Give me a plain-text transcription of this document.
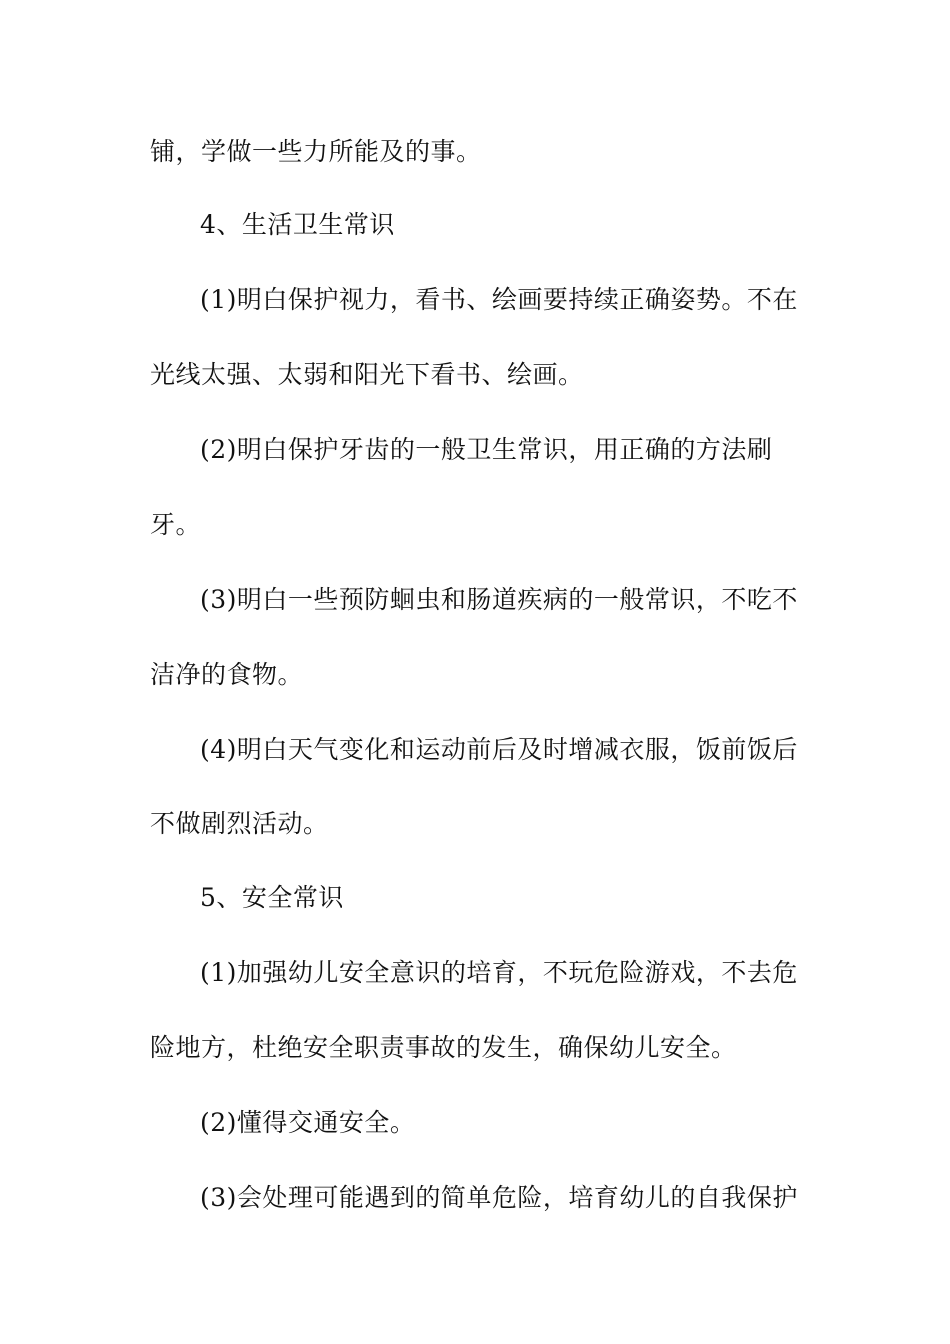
铺，学做一些力所能及的事。
4、生活卫生常识
(1)明白保护视力，看书、绘画要持续正确姿势。不在
光线太强、太弱和阳光下看书、绘画。
(2)明白保护牙齿的一般卫生常识，用正确的方法刷
牙。
(3)明白一些预防蛔虫和肠道疾病的一般常识，不吃不
洁净的食物。
(4)明白天气变化和运动前后及时增减衣服，饭前饭后
不做剧烈活动。
5、安全常识
(1)加强幼儿安全意识的培育，不玩危险游戏，不去危
险地方，杜绝安全职责事故的发生，确保幼儿安全。
(2)懂得交通安全。
(3)会处理可能遇到的简单危险，培育幼儿的自我保护
